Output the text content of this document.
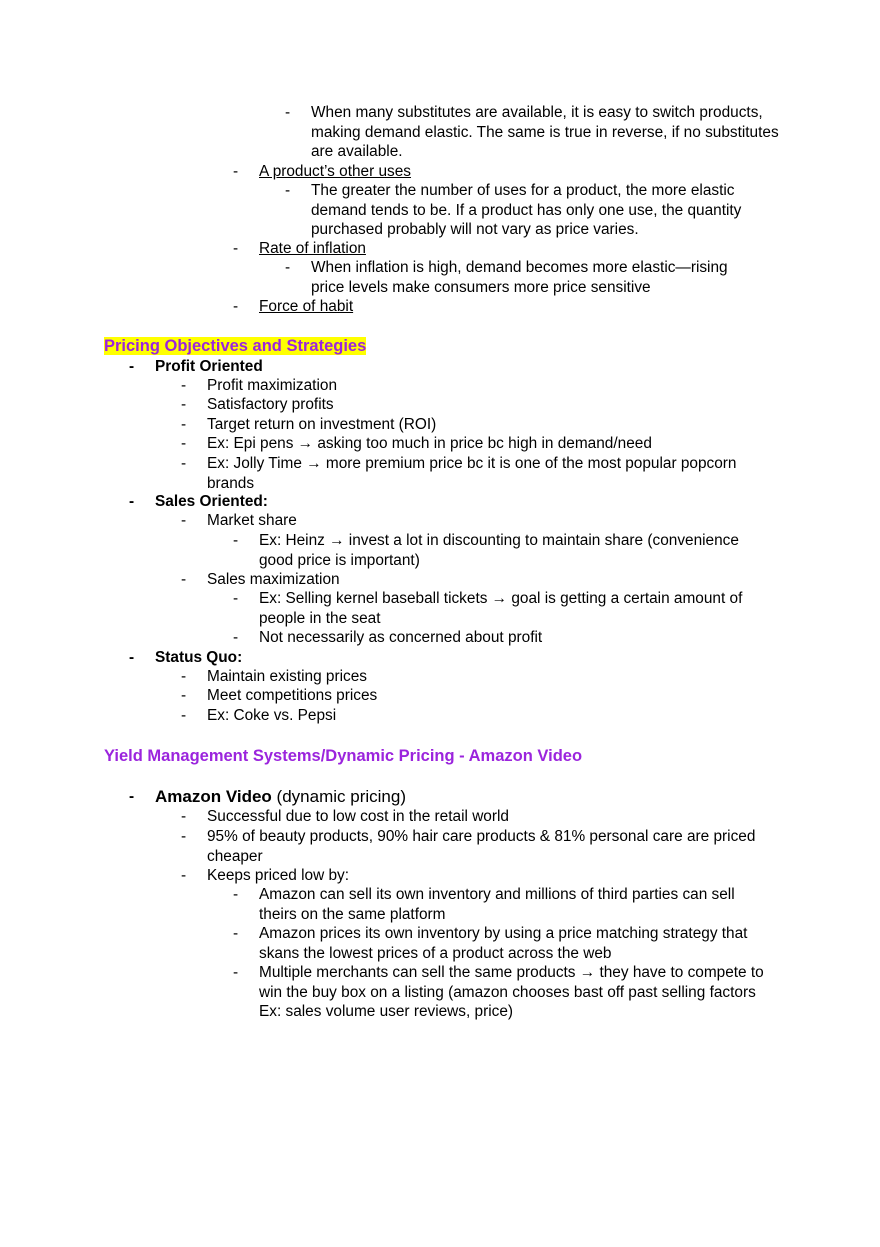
- When many substitutes are available, it is easy to switch products, making demand elastic. The same is true in reverse, if no substitutes are available.
- A product’s other uses
- The greater the number of uses for a product, the more elastic demand tends to be. If a product has only one use, the quantity purchased probably will not vary as price varies.
- Rate of inflation
- When inflation is high, demand becomes more elastic—rising price levels make consumers more price sensitive
- Force of habit
Pricing Objectives and Strategies
- Profit Oriented
- Profit maximization
- Satisfactory profits
- Target return on investment (ROI)
- Ex: Epi pens → asking too much in price bc high in demand/need
- Ex: Jolly Time → more premium price bc it is one of the most popular popcorn brands
- Sales Oriented:
- Market share
- Ex: Heinz → invest a lot in discounting to maintain share (convenience good price is important)
- Sales maximization
- Ex: Selling kernel baseball tickets → goal is getting a certain amount of people in the seat
- Not necessarily as concerned about profit
- Status Quo:
- Maintain existing prices
- Meet competitions prices
- Ex: Coke vs. Pepsi
Yield Management Systems/Dynamic Pricing - Amazon Video
- Amazon Video (dynamic pricing)
- Successful due to low cost in the retail world
- 95% of beauty products, 90% hair care products & 81% personal care are priced cheaper
- Keeps priced low by:
- Amazon can sell its own inventory and millions of third parties can sell theirs on the same platform
- Amazon prices its own inventory by using a price matching strategy that skans the lowest prices of a product across the web
- Multiple merchants can sell the same products → they have to compete to win the buy box on a listing (amazon chooses bast off past selling factors Ex: sales volume user reviews, price)
